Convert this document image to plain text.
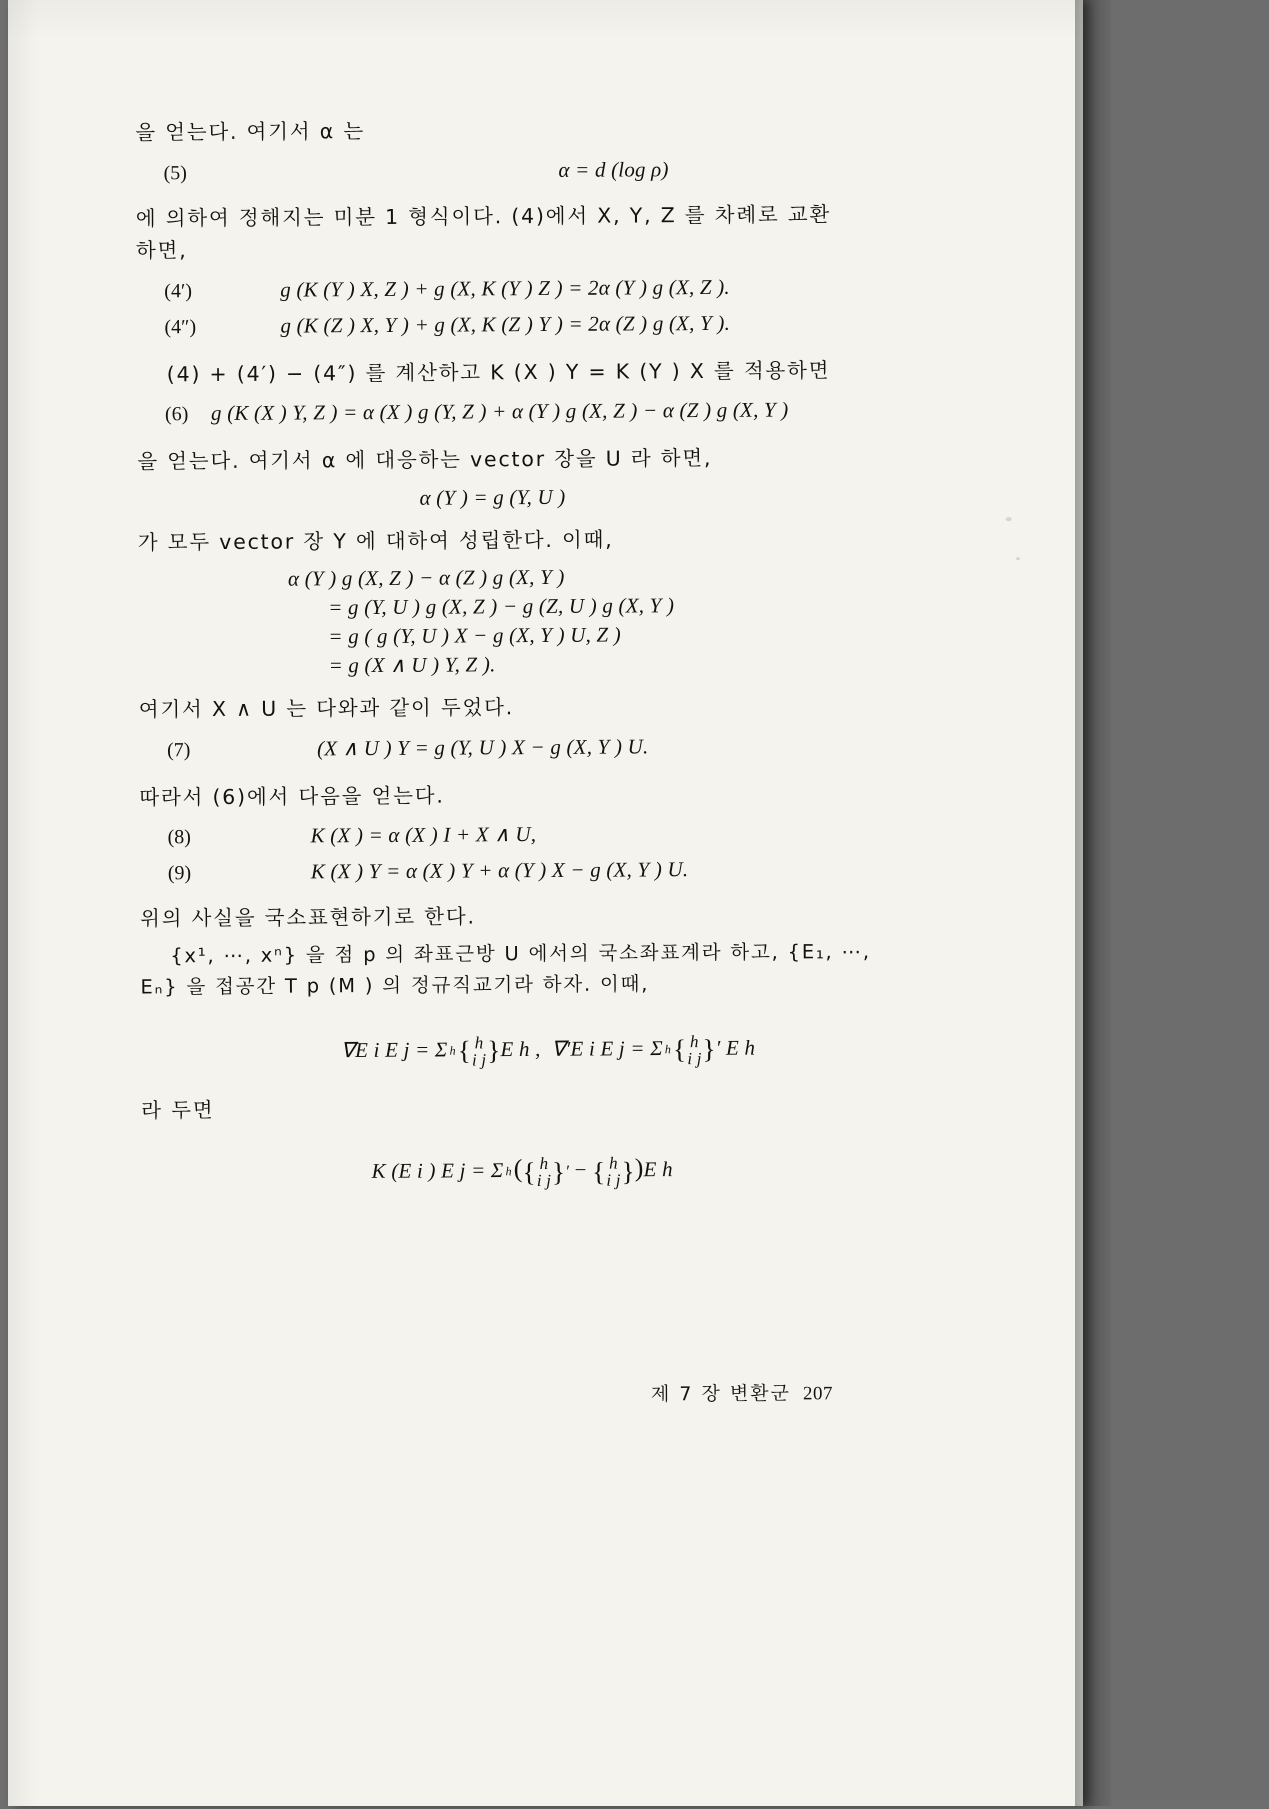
을 얻는다. 여기서 α 는
(5)	α = d (log ρ)
에 의하여 정해지는 미분 1 형식이다. (4)에서 X, Y, Z 를 차례로 교환
하면,
(4′)	g (K (Y ) X, Z ) + g (X, K (Y ) Z ) = 2α (Y ) g (X, Z ).
(4″)	g (K (Z ) X, Y ) + g (X, K (Z ) Y ) = 2α (Z ) g (X, Y ).
(4) + (4′) − (4″) 를 계산하고 K (X ) Y = K (Y ) X 를 적용하면
(6)	g (K (X ) Y, Z ) = α (X ) g (Y, Z ) + α (Y ) g (X, Z ) − α (Z ) g (X, Y )
을 얻는다. 여기서 α 에 대응하는 vector 장을 U 라 하면,
α (Y ) = g (Y, U )
가 모두 vector 장 Y 에 대하여 성립한다. 이때,
α (Y ) g (X, Z ) − α (Z ) g (X, Y )
= g (Y, U ) g (X, Z ) − g (Z, U ) g (X, Y )
= g ( g (Y, U ) X − g (X, Y ) U, Z )
= g (X ∧ U ) Y, Z ).
여기서 X ∧ U 는 다와과 같이 두었다.
(7)	(X ∧ U ) Y = g (Y, U ) X − g (X, Y ) U.
따라서 (6)에서 다음을 얻는다.
(8)	K (X ) = α (X ) I + X ∧ U,
(9)	K (X ) Y = α (X ) Y + α (Y ) X − g (X, Y ) U.
위의 사실을 국소표현하기로 한다.
{x¹, ⋯, xⁿ} 을 점 p 의 좌표근방 U 에서의 국소좌표계라 하고, {E₁, ⋯,
Eₙ} 을 접공간 T p (M ) 의 정규직교기라 하자. 이때,
∇E i E j = Σ h { h
i j } E h , ∇′E i E j = Σ h { h
i j } ′ E h
라 두면
K (E i ) E j = Σ h ( { h
i j } ′ − { h
i j } )E h
제 7 장 변환군 207
